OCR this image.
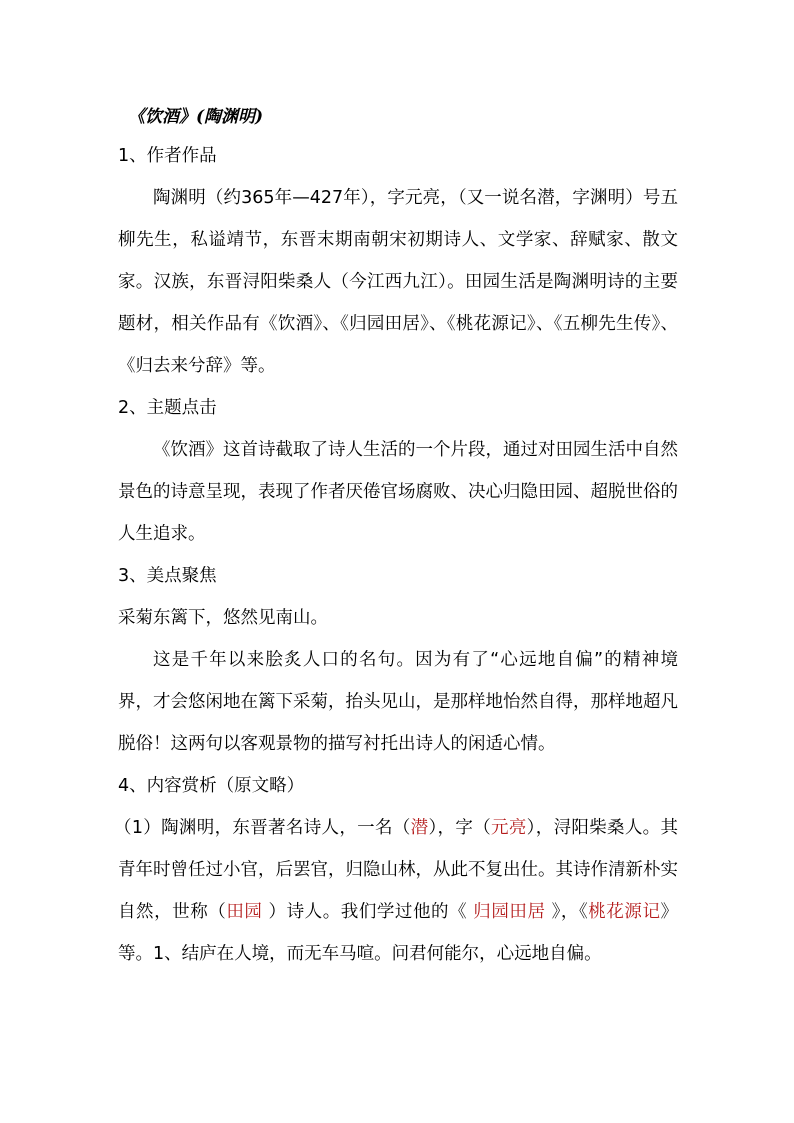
《饮酒》(陶渊明)
1、作者作品
陶渊明（约365年—427年），字元亮，（又一说名潜，字渊明）号五柳先生，私谥靖节，东晋末期南朝宋初期诗人、文学家、辞赋家、散文家。汉族，东晋浔阳柴桑人（今江西九江）。田园生活是陶渊明诗的主要题材，相关作品有《饮酒》、《归园田居》、《桃花源记》、《五柳先生传》、《归去来兮辞》等。
2、主题点击
《饮酒》这首诗截取了诗人生活的一个片段，通过对田园生活中自然景色的诗意呈现，表现了作者厌倦官场腐败、决心归隐田园、超脱世俗的人生追求。
3、美点聚焦
采菊东篱下，悠然见南山。
这是千年以来脍炙人口的名句。因为有了“心远地自偏”的精神境界，才会悠闲地在篱下采菊，抬头见山，是那样地怡然自得，那样地超凡脱俗！这两句以客观景物的描写衬托出诗人的闲适心情。
4、内容赏析（原文略）
（1）陶渊明，东晋著名诗人，一名（潜），字（元亮），浔阳柴桑人。其青年时曾任过小官，后罢官，归隐山林，从此不复出仕。其诗作清新朴实自然，世称（田园 ）诗人。我们学过他的《 归园田居 》，《桃花源记》等。1、结庐在人境，而无车马喧。问君何能尔，心远地自偏。
